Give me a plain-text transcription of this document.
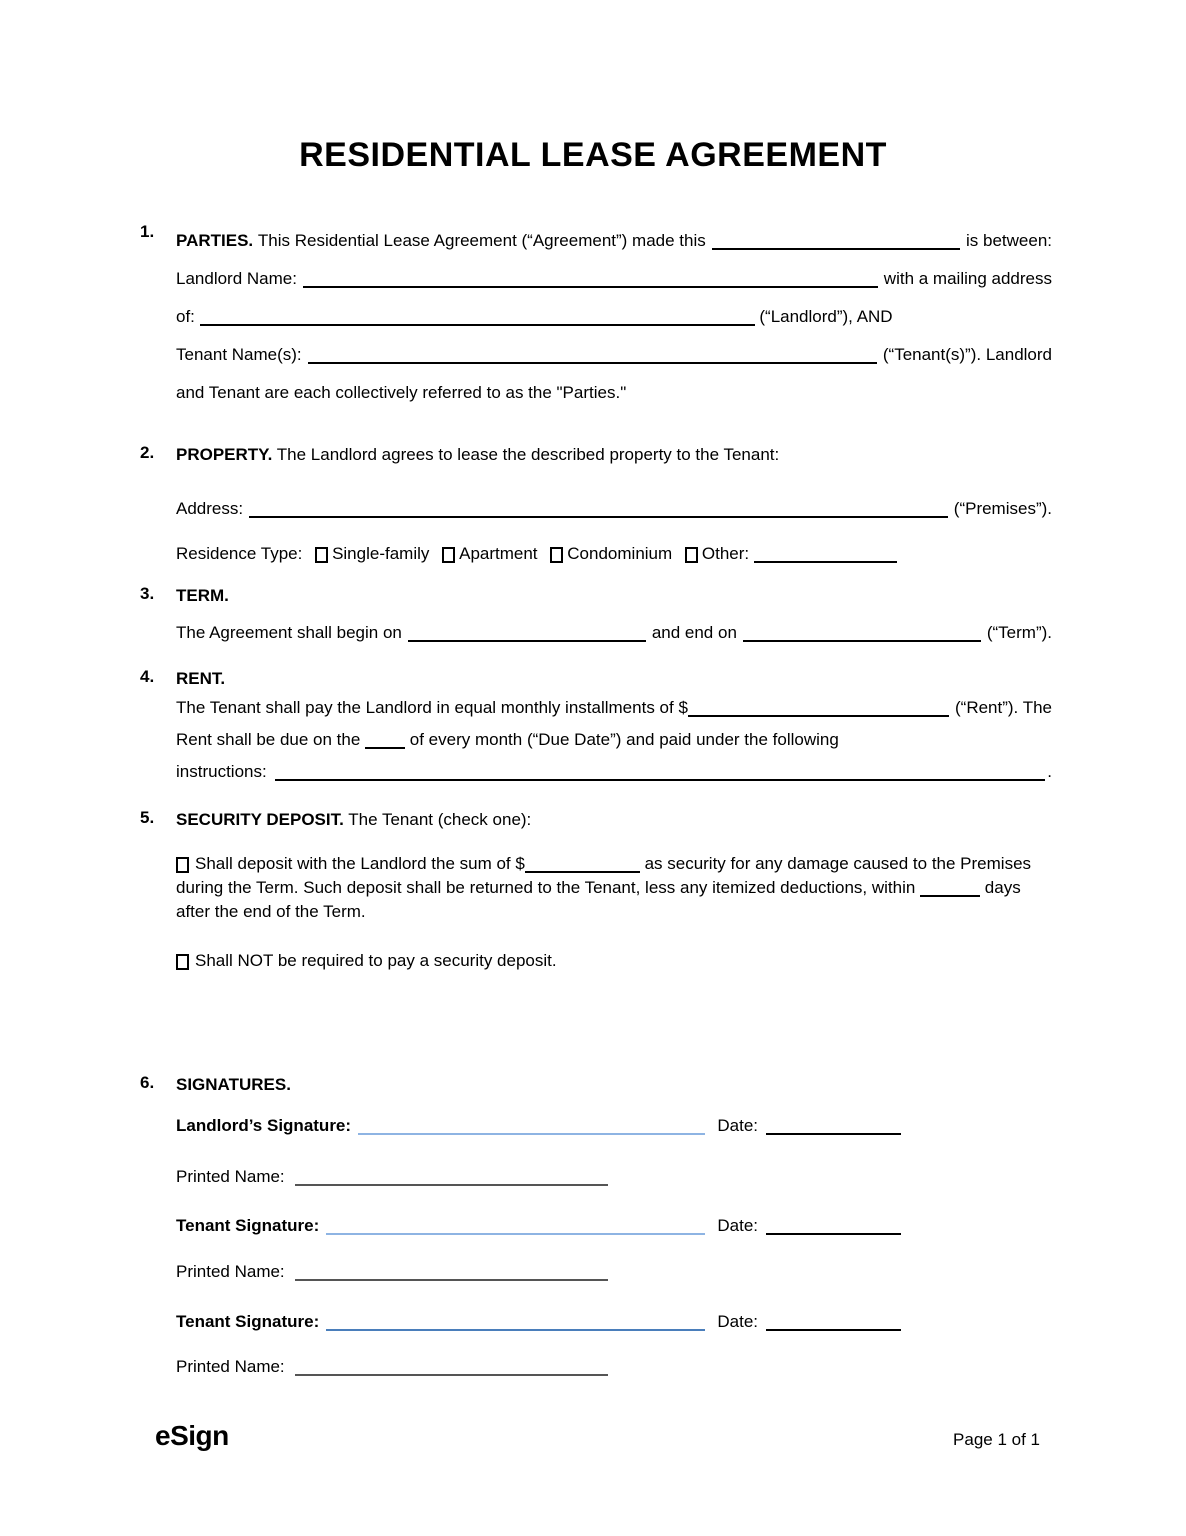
RESIDENTIAL LEASE AGREEMENT
1.	PARTIES.
This Residential Lease Agreement (“Agreement”) made this	is between:
Landlord Name:	with a mailing address
of:	(“Landlord”), AND
Tenant Name(s):	(“Tenant(s)”). Landlord
and Tenant are each collectively referred to as the "Parties."
2.	PROPERTY. The Landlord agrees to lease the described property to the Tenant:
Address:	(“Premises”).
Residence Type: Single-family Apartment Condominium Other:
3.	TERM.
The Agreement shall begin on	and end on	(“Term”).
4.	RENT.
The Tenant shall pay the Landlord in equal monthly installments of $	(“Rent”). The
Rent shall be due on the	of every month (“Due Date”) and paid under the following
instructions:	.
5.	SECURITY DEPOSIT. The Tenant (check one):
Shall deposit with the Landlord the sum of $	as security for any damage caused to the Premises during the Term. Such deposit shall be returned to the Tenant, less any itemized deductions, within	days after the end of the Term.
Shall NOT be required to pay a security deposit.
6.	SIGNATURES.
Landlord’s Signature:	Date:
Printed Name:
Tenant Signature:	Date:
Printed Name:
Tenant Signature:	Date:
Printed Name:
eSign	Page 1 of 1
